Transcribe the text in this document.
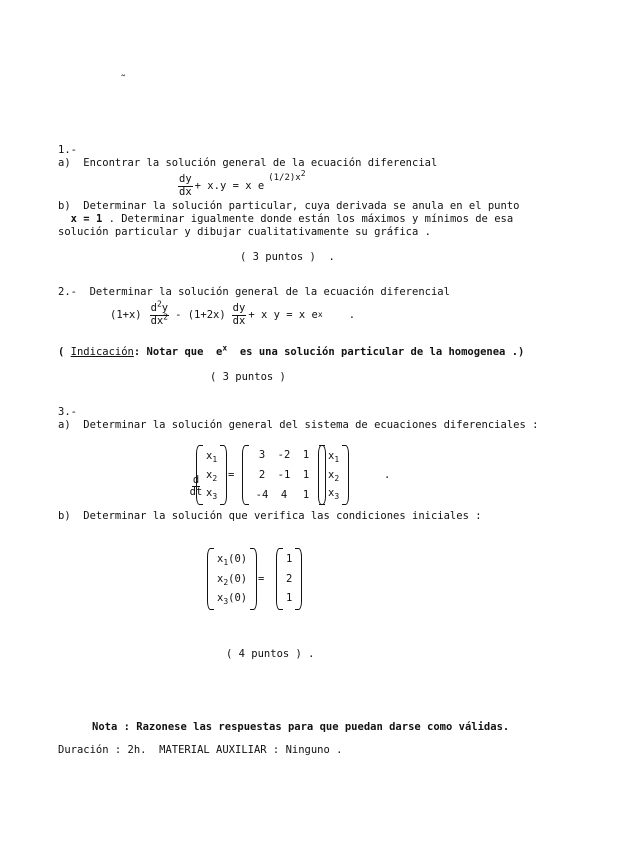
˜
1.-
a)  Encontrar la solución general de la ecuación diferencial
$\frac{dy}{dx} + x.y = x$ e
$(1/2)x^2$
b)  Determinar la solución particular, cuya derivada se anula en el punto
x = 1 . Determinar igualmente donde están los máximos y mínimos de esa
solución particular y dibujar cualitativamente su gráfica .
( 3 puntos )  .
2.-  Determinar la solución general de la ecuación diferencial
$(1+x) \frac{d^2y}{dx^2} - (1+2x) \frac{dy}{dx} + x$ y = x e x .
( Indicación: Notar que  $e^x$  es una solución particular de la homogenea .)
( 3 puntos )
3.-
a)  Determinar la solución general del sistema de ecuaciones diferenciales :

$\frac{d}{dt}$

$x_1$
$x_2$
$x_3$
=
3 -2 1
2 -1 1
-4 4 1
$x_1$
$x_2$
$x_3$
.
b)  Determinar la solución que verifica las condiciones iniciales :
$x_1(0)$
$x_2(0)$
$x_3(0)$
=
1
2
1
( 4 puntos ) .
Nota : Razonese las respuestas para que puedan darse como válidas.
Duración : 2h.  MATERIAL AUXILIAR : Ninguno .
